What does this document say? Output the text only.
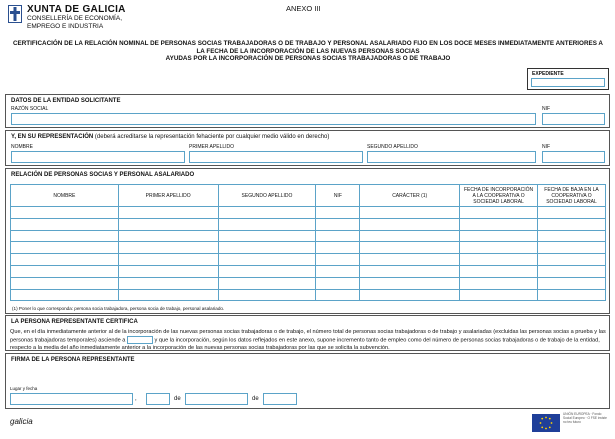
XUNTA DE GALICIA
CONSELLERÍA DE ECONOMÍA,
EMPREGO E INDUSTRIA
ANEXO III
CERTIFICACIÓN DE LA RELACIÓN NOMINAL DE PERSONAS SOCIAS TRABAJADORAS O DE TRABAJO Y PERSONAL ASALARIADO FIJO EN LOS DOCE MESES INMEDIATAMENTE ANTERIORES A
LA FECHA DE LA INCORPORACIÓN DE LAS NUEVAS PERSONAS SOCIAS
AYUDAS POR LA INCORPORACIÓN DE PERSONAS SOCIAS TRABAJADORAS O DE TRABAJO
EXPEDIENTE
DATOS DE LA ENTIDAD SOLICITANTE
RAZÓN SOCIAL	NIF
Y, EN SU REPRESENTACIÓN (deberá acreditarse la representación fehaciente por cualquier medio válido en derecho)
NOMBRE	PRIMER APELLIDO	SEGUNDO APELLIDO	NIF
RELACIÓN DE PERSONAS SOCIAS Y PERSONAL ASALARIADO
NOMBRE	PRIMER APELLIDO	SEGUNDO APELLIDO	NIF	CARÁCTER (1)	FECHA DE INCORPORACIÓN A LA COOPERATIVA O SOCIEDAD LABORAL	FECHA DE BAJA EN LA COOPERATIVA O SOCIEDAD LABORAL

(1) Poner lo que corresponda: persona socia trabajadora, persona socia de trabajo, personal asalariado.
LA PERSONA REPRESENTANTE CERTIFICA
Que, en el día inmediatamente anterior al de la incorporación de las nuevas personas socias trabajadoras o de trabajo, el número total de personas socias trabajadoras o de trabajo y asalariadas (excluidas las personas socias a prueba y las personas trabajadoras temporales) asciende a	y que la incorporación, según los datos reflejados en este anexo, supone incremento tanto de empleo como del número de personas socias trabajadoras o de trabajo de la entidad, respecto a la media del año inmediatamente anterior a la incorporación de las nuevas personas socias trabajadoras por las que se solicita la subvención.
FIRMA DE LA PERSONA REPRESENTANTE
Lugar y fecha
,	de	de
galicia
UNIÓN EUROPEA · Fondo Social Europeo · O FSE inviste no teu futuro
